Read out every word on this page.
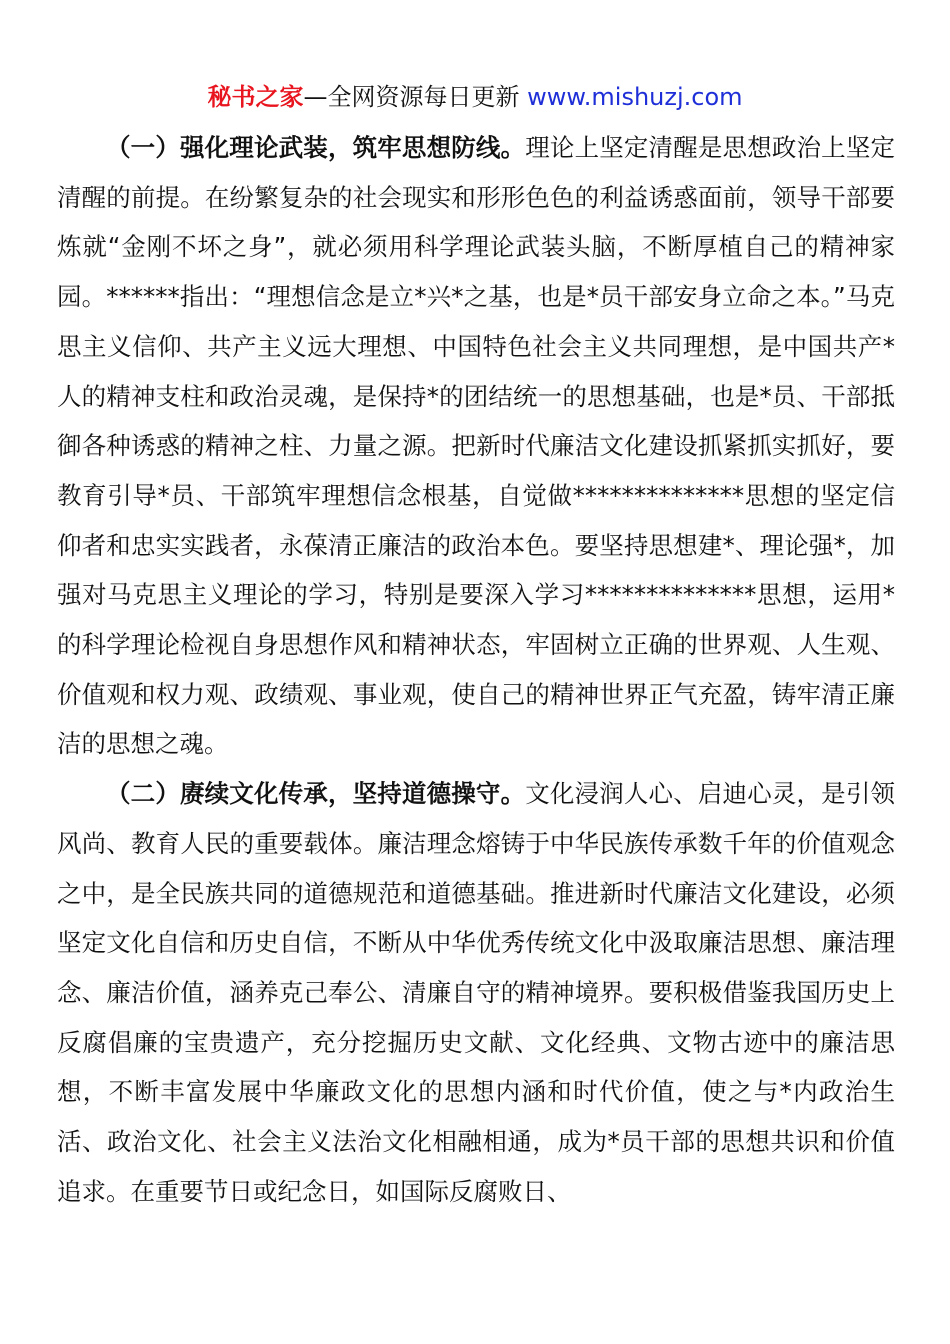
秘书之家—全网资源每日更新 www.mishuzj.com

（一）强化理论武装，筑牢思想防线。理论上坚定清醒是思想政治上坚定清醒的前提。在纷繁复杂的社会现实和形形色色的利益诱惑面前，领导干部要炼就“金刚不坏之身”，就必须用科学理论武装头脑，不断厚植自己的精神家园。******指出：“理想信念是立*兴*之基，也是*员干部安身立命之本。”马克思主义信仰、共产主义远大理想、中国特色社会主义共同理想，是中国共产*人的精神支柱和政治灵魂，是保持*的团结统一的思想基础，也是*员、干部抵御各种诱惑的精神之柱、力量之源。把新时代廉洁文化建设抓紧抓实抓好，要教育引导*员、干部筑牢理想信念根基，自觉做**************思想的坚定信仰者和忠实实践者，永葆清正廉洁的政治本色。要坚持思想建*、理论强*，加强对马克思主义理论的学习，特别是要深入学习**************思想，运用*的科学理论检视自身思想作风和精神状态，牢固树立正确的世界观、人生观、价值观和权力观、政绩观、事业观，使自己的精神世界正气充盈，铸牢清正廉洁的思想之魂。

（二）赓续文化传承，坚持道德操守。文化浸润人心、启迪心灵，是引领风尚、教育人民的重要载体。廉洁理念熔铸于中华民族传承数千年的价值观念之中，是全民族共同的道德规范和道德基础。推进新时代廉洁文化建设，必须坚定文化自信和历史自信，不断从中华优秀传统文化中汲取廉洁思想、廉洁理念、廉洁价值，涵养克己奉公、清廉自守的精神境界。要积极借鉴我国历史上反腐倡廉的宝贵遗产，充分挖掘历史文献、文化经典、文物古迹中的廉洁思想，不断丰富发展中华廉政文化的思想内涵和时代价值，使之与*内政治生活、政治文化、社会主义法治文化相融相通，成为*员干部的思想共识和价值追求。在重要节日或纪念日，如国际反腐败日、
